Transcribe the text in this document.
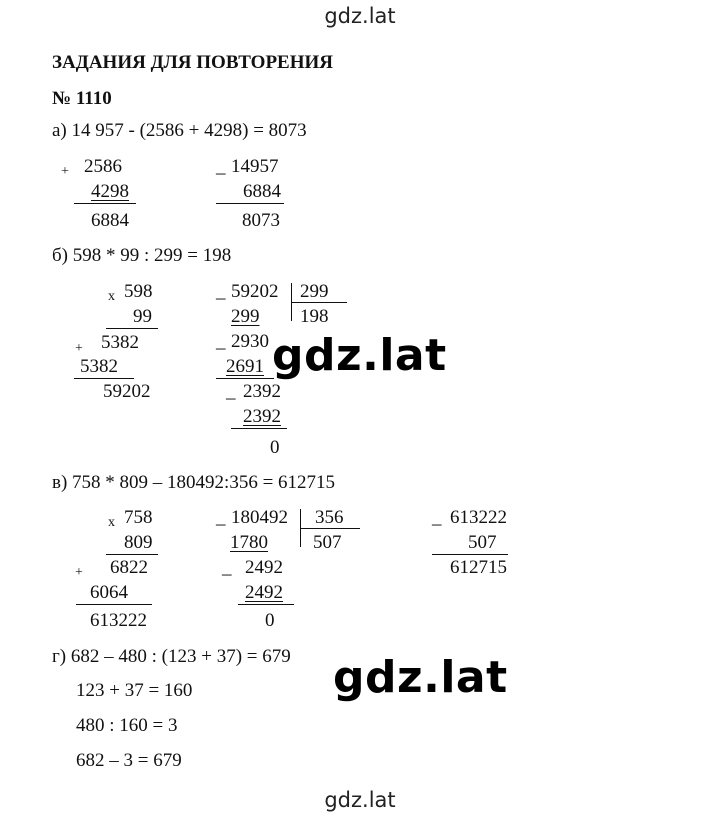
gdz.lat
ЗАДАНИЯ ДЛЯ ПОВТОРЕНИЯ
№ 1110
а) 14 957 - (2586 + 4298) = 8073
+ 2586
4298
6884
_ 14957
6884
8073
б) 598 * 99 : 299 = 198
x 598
99
+ 5382
5382
59202
_ 59202 299
198
299
_ 2930
2691
_ 2392
2392
0
gdz.lat
в) 758 * 809 – 180492:356 = 612715
x 758
809
+ 6822
6064
613222
_ 180492 356
507
1780
_ 2492
2492
0
_ 613222
507
612715
г) 682 – 480 : (123 + 37) = 679
123 + 37 = 160
480 : 160 = 3
682 – 3 = 679
gdz.lat
gdz.lat
